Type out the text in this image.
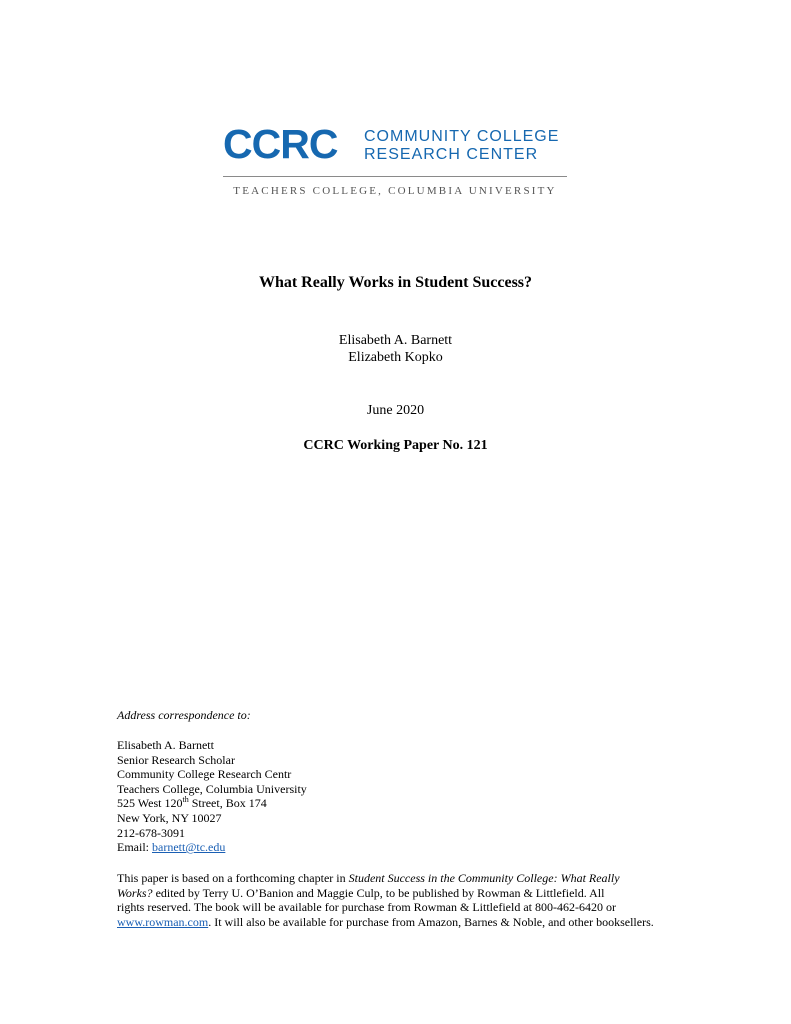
CCRC COMMUNITY COLLEGE
RESEARCH CENTER
TEACHERS COLLEGE, COLUMBIA UNIVERSITY
What Really Works in Student Success?
Elisabeth A. Barnett
Elizabeth Kopko
June 2020
CCRC Working Paper No. 121
Address correspondence to:
Elisabeth A. Barnett
Senior Research Scholar
Community College Research Centr
Teachers College, Columbia University
525 West 120th Street, Box 174
New York, NY 10027
212-678-3091
Email: barnett@tc.edu
This paper is based on a forthcoming chapter in Student Success in the Community College: What Really
Works? edited by Terry U. O’Banion and Maggie Culp, to be published by Rowman & Littlefield. All
rights reserved. The book will be available for purchase from Rowman & Littlefield at 800-462-6420 or
www.rowman.com. It will also be available for purchase from Amazon, Barnes & Noble, and other booksellers.
